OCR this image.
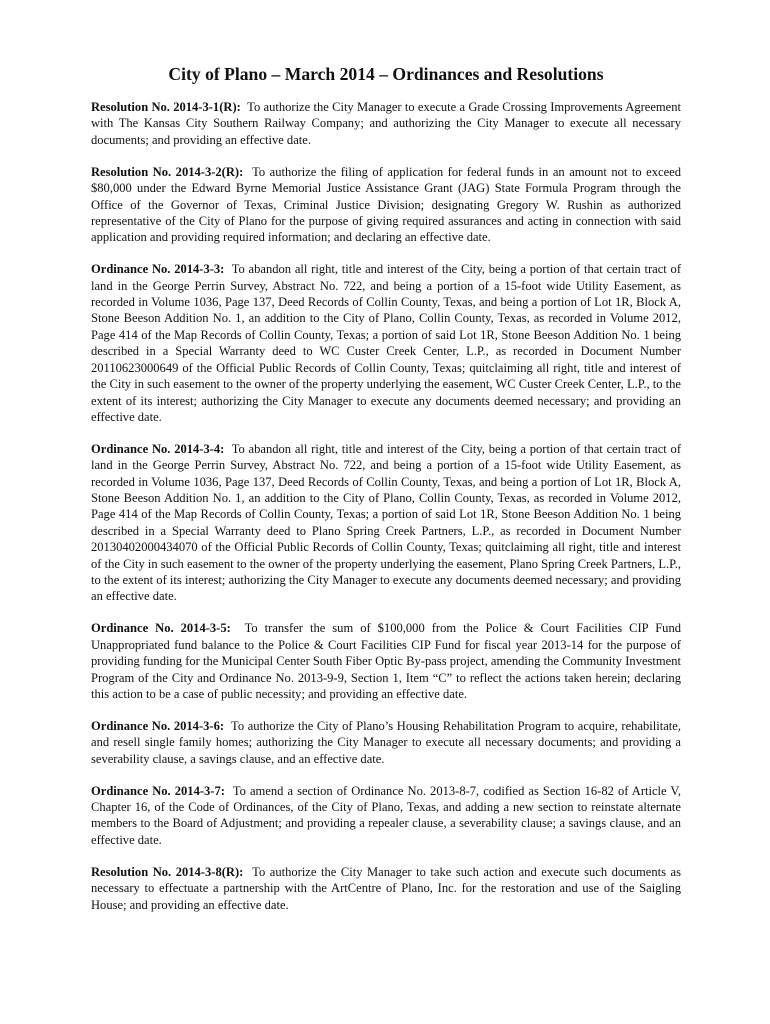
City of Plano – March 2014 – Ordinances and Resolutions

Resolution No. 2014-3-1(R): To authorize the City Manager to execute a Grade Crossing Improvements Agreement with The Kansas City Southern Railway Company; and authorizing the City Manager to execute all necessary documents; and providing an effective date.

Resolution No. 2014-3-2(R): To authorize the filing of application for federal funds in an amount not to exceed $80,000 under the Edward Byrne Memorial Justice Assistance Grant (JAG) State Formula Program through the Office of the Governor of Texas, Criminal Justice Division; designating Gregory W. Rushin as authorized representative of the City of Plano for the purpose of giving required assurances and acting in connection with said application and providing required information; and declaring an effective date.

Ordinance No. 2014-3-3: To abandon all right, title and interest of the City, being a portion of that certain tract of land in the George Perrin Survey, Abstract No. 722, and being a portion of a 15-foot wide Utility Easement, as recorded in Volume 1036, Page 137, Deed Records of Collin County, Texas, and being a portion of Lot 1R, Block A, Stone Beeson Addition No. 1, an addition to the City of Plano, Collin County, Texas, as recorded in Volume 2012, Page 414 of the Map Records of Collin County, Texas; a portion of said Lot 1R, Stone Beeson Addition No. 1 being described in a Special Warranty deed to WC Custer Creek Center, L.P., as recorded in Document Number 20110623000649 of the Official Public Records of Collin County, Texas; quitclaiming all right, title and interest of the City in such easement to the owner of the property underlying the easement, WC Custer Creek Center, L.P., to the extent of its interest; authorizing the City Manager to execute any documents deemed necessary; and providing an effective date.

Ordinance No. 2014-3-4: To abandon all right, title and interest of the City, being a portion of that certain tract of land in the George Perrin Survey, Abstract No. 722, and being a portion of a 15-foot wide Utility Easement, as recorded in Volume 1036, Page 137, Deed Records of Collin County, Texas, and being a portion of Lot 1R, Block A, Stone Beeson Addition No. 1, an addition to the City of Plano, Collin County, Texas, as recorded in Volume 2012, Page 414 of the Map Records of Collin County, Texas; a portion of said Lot 1R, Stone Beeson Addition No. 1 being described in a Special Warranty deed to Plano Spring Creek Partners, L.P., as recorded in Document Number 20130402000434070 of the Official Public Records of Collin County, Texas; quitclaiming all right, title and interest of the City in such easement to the owner of the property underlying the easement, Plano Spring Creek Partners, L.P., to the extent of its interest; authorizing the City Manager to execute any documents deemed necessary; and providing an effective date.

Ordinance No. 2014-3-5: To transfer the sum of $100,000 from the Police & Court Facilities CIP Fund Unappropriated fund balance to the Police & Court Facilities CIP Fund for fiscal year 2013-14 for the purpose of providing funding for the Municipal Center South Fiber Optic By-pass project, amending the Community Investment Program of the City and Ordinance No. 2013-9-9, Section 1, Item “C” to reflect the actions taken herein; declaring this action to be a case of public necessity; and providing an effective date.

Ordinance No. 2014-3-6: To authorize the City of Plano’s Housing Rehabilitation Program to acquire, rehabilitate, and resell single family homes; authorizing the City Manager to execute all necessary documents; and providing a severability clause, a savings clause, and an effective date.

Ordinance No. 2014-3-7: To amend a section of Ordinance No. 2013-8-7, codified as Section 16-82 of Article V, Chapter 16, of the Code of Ordinances, of the City of Plano, Texas, and adding a new section to reinstate alternate members to the Board of Adjustment; and providing a repealer clause, a severability clause; a savings clause, and an effective date.

Resolution No. 2014-3-8(R): To authorize the City Manager to take such action and execute such documents as necessary to effectuate a partnership with the ArtCentre of Plano, Inc. for the restoration and use of the Saigling House; and providing an effective date.
